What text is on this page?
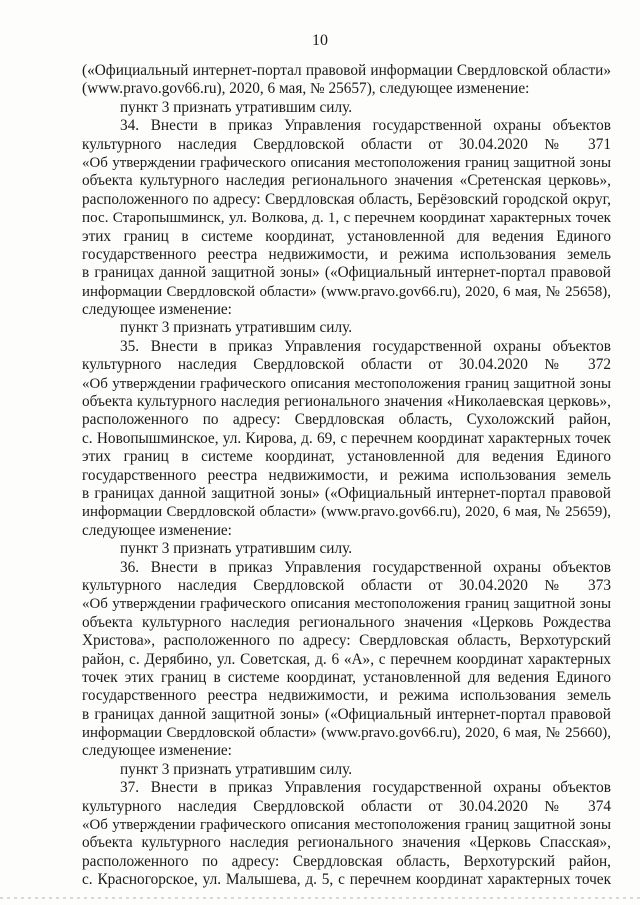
10
(«Официальный интернет-портал правовой информации Свердловской области»
(www.pravo.gov66.ru), 2020, 6 мая, № 25657), следующее изменение:
пункт 3 признать утратившим силу.
34. Внести в приказ Управления государственной охраны объектов
культурного наследия Свердловской области от 30.04.2020 № 371
«Об утверждении графического описания местоположения границ защитной зоны
объекта культурного наследия регионального значения «Сретенская церковь»,
расположенного по адресу: Свердловская область, Берёзовский городской округ,
пос. Старопышминск, ул. Волкова, д. 1, с перечнем координат характерных точек
этих границ в системе координат, установленной для ведения Единого
государственного реестра недвижимости, и режима использования земель
в границах данной защитной зоны» («Официальный интернет-портал правовой
информации Свердловской области» (www.pravo.gov66.ru), 2020, 6 мая, № 25658),
следующее изменение:
пункт 3 признать утратившим силу.
35. Внести в приказ Управления государственной охраны объектов
культурного наследия Свердловской области от 30.04.2020 № 372
«Об утверждении графического описания местоположения границ защитной зоны
объекта культурного наследия регионального значения «Николаевская церковь»,
расположенного по адресу: Свердловская область, Сухоложский район,
с. Новопышминское, ул. Кирова, д. 69, с перечнем координат характерных точек
этих границ в системе координат, установленной для ведения Единого
государственного реестра недвижимости, и режима использования земель
в границах данной защитной зоны» («Официальный интернет-портал правовой
информации Свердловской области» (www.pravo.gov66.ru), 2020, 6 мая, № 25659),
следующее изменение:
пункт 3 признать утратившим силу.
36. Внести в приказ Управления государственной охраны объектов
культурного наследия Свердловской области от 30.04.2020 № 373
«Об утверждении графического описания местоположения границ защитной зоны
объекта культурного наследия регионального значения «Церковь Рождества
Христова», расположенного по адресу: Свердловская область, Верхотурский
район, с. Дерябино, ул. Советская, д. 6 «А», с перечнем координат характерных
точек этих границ в системе координат, установленной для ведения Единого
государственного реестра недвижимости, и режима использования земель
в границах данной защитной зоны» («Официальный интернет-портал правовой
информации Свердловской области» (www.pravo.gov66.ru), 2020, 6 мая, № 25660),
следующее изменение:
пункт 3 признать утратившим силу.
37. Внести в приказ Управления государственной охраны объектов
культурного наследия Свердловской области от 30.04.2020 № 374
«Об утверждении графического описания местоположения границ защитной зоны
объекта культурного наследия регионального значения «Церковь Спасская»,
расположенного по адресу: Свердловская область, Верхотурский район,
с. Красногорское, ул. Малышева, д. 5, с перечнем координат характерных точек
